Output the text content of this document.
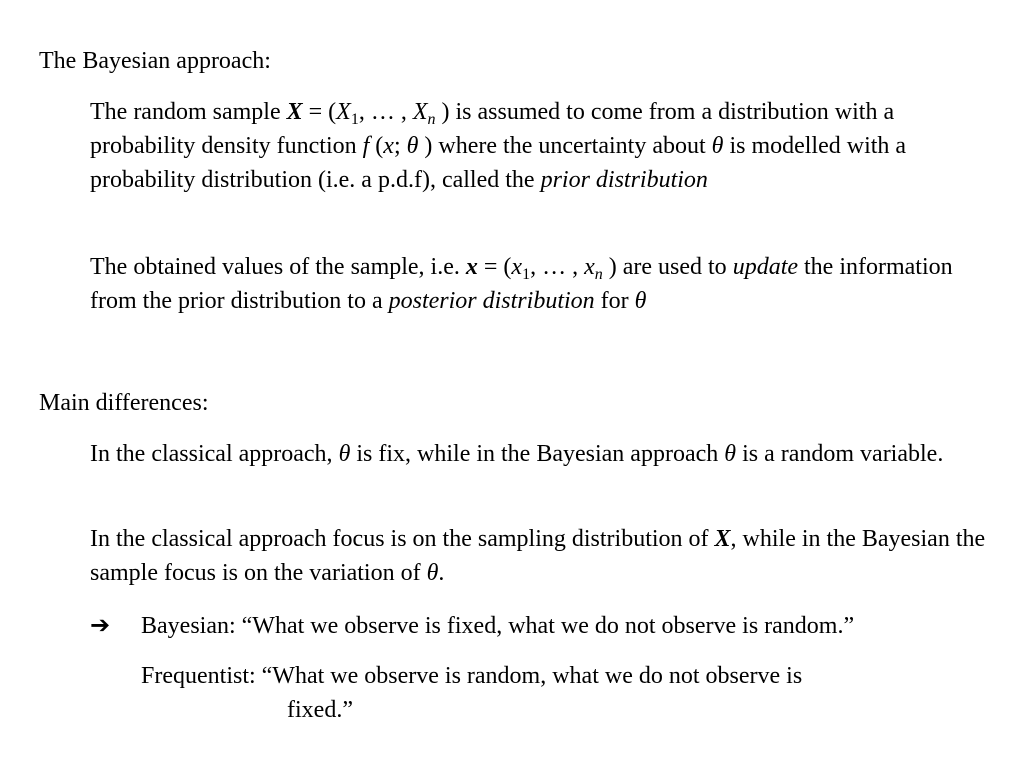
The Bayesian approach:
The random sample $X = (X_1$, … , $X_n$ ) is assumed to come from a distribution with a probability density function f (x; θ ) where the uncertainty about θ is modelled with a probability distribution (i.e. a p.d.f), called the prior distribution
The obtained values of the sample, i.e. $x = (x_1$, … , $x_n$ ) are used to update the information from the prior distribution to a posterior distribution for θ
Main differences:
In the classical approach, θ is fix, while in the Bayesian approach θ is a random variable.
In the classical approach focus is on the sampling distribution of X, while in the Bayesian the sample focus is on the variation of θ.
➔ Bayesian: “What we observe is fixed, what we do not observe is random.”
Frequentist: “What we observe is random, what we do not observe is
fixed.”
